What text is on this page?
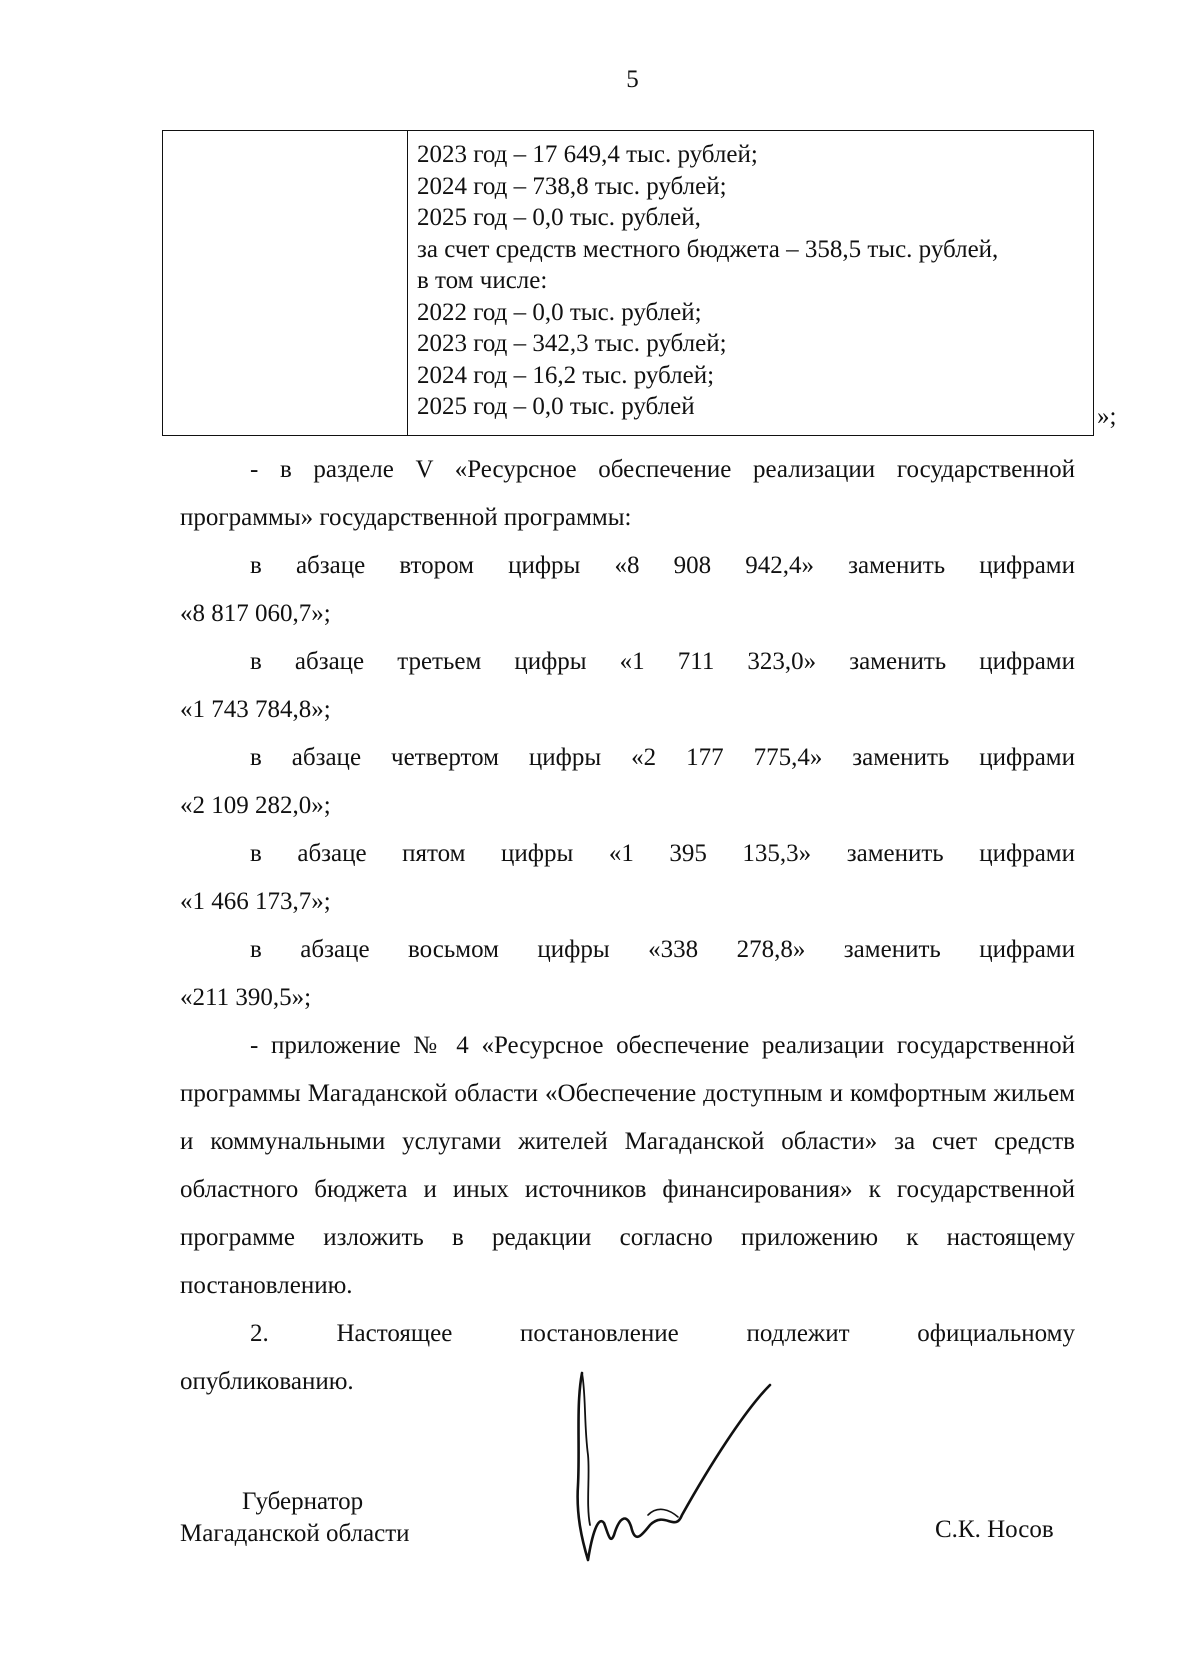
5
2023 год – 17 649,4 тыс. рублей;
2024 год – 738,8 тыс. рублей;
2025 год – 0,0 тыс. рублей,
за счет средств местного бюджета – 358,5 тыс. рублей,
в том числе:
2022 год – 0,0 тыс. рублей;
2023 год – 342,3 тыс. рублей;
2024 год – 16,2 тыс. рублей;
2025 год – 0,0 тыс. рублей	»;
- в разделе V «Ресурсное обеспечение реализации государственной
программы» государственной программы:
в абзаце втором цифры «8 908 942,4» заменить цифрами
«8 817 060,7»;
в абзаце третьем цифры «1 711 323,0» заменить цифрами
«1 743 784,8»;
в абзаце четвертом цифры «2 177 775,4» заменить цифрами
«2 109 282,0»;
в абзаце пятом цифры «1 395 135,3» заменить цифрами
«1 466 173,7»;
в абзаце восьмом цифры «338 278,8» заменить цифрами
«211 390,5»;
- приложение № 4 «Ресурсное обеспечение реализации государственной программы Магаданской области «Обеспечение доступным и комфортным жильем и коммунальными услугами жителей Магаданской области» за счет средств областного бюджета и иных источников финансирования» к государственной программе изложить в редакции согласно приложению к настоящему постановлению.
2. Настоящее постановление подлежит официальному
опубликованию.
Губернатор
Магаданской области	С.К. Носов
